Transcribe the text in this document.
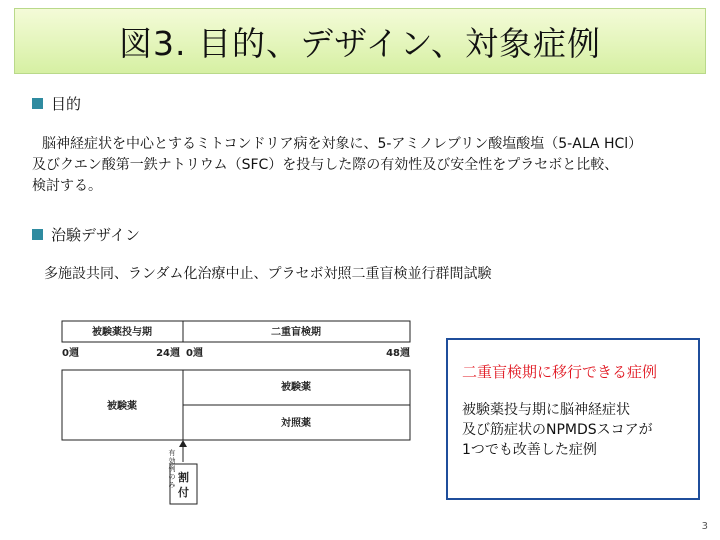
図3. 目的、デザイン、対象症例
目的
脳神経症状を中心とするミトコンドリア病を対象に、5-アミノレブリン酸塩酸塩（5-ALA HCl）
及びクエン酸第一鉄ナトリウム（SFC）を投与した際の有効性及び安全性をプラセボと比較、
検討する。
治験デザイン
多施設共同、ランダム化治療中止、プラセボ対照二重盲検並行群間試験
被験薬投与期	二重盲検期
被験薬
被験薬
対照薬
0週	24週 0週	48週
有
効
例
の
み
割
付
二重盲検期に移行できる症例
被験薬投与期に脳神経症状
及び筋症状のNPMDSスコアが
1つでも改善した症例
3
